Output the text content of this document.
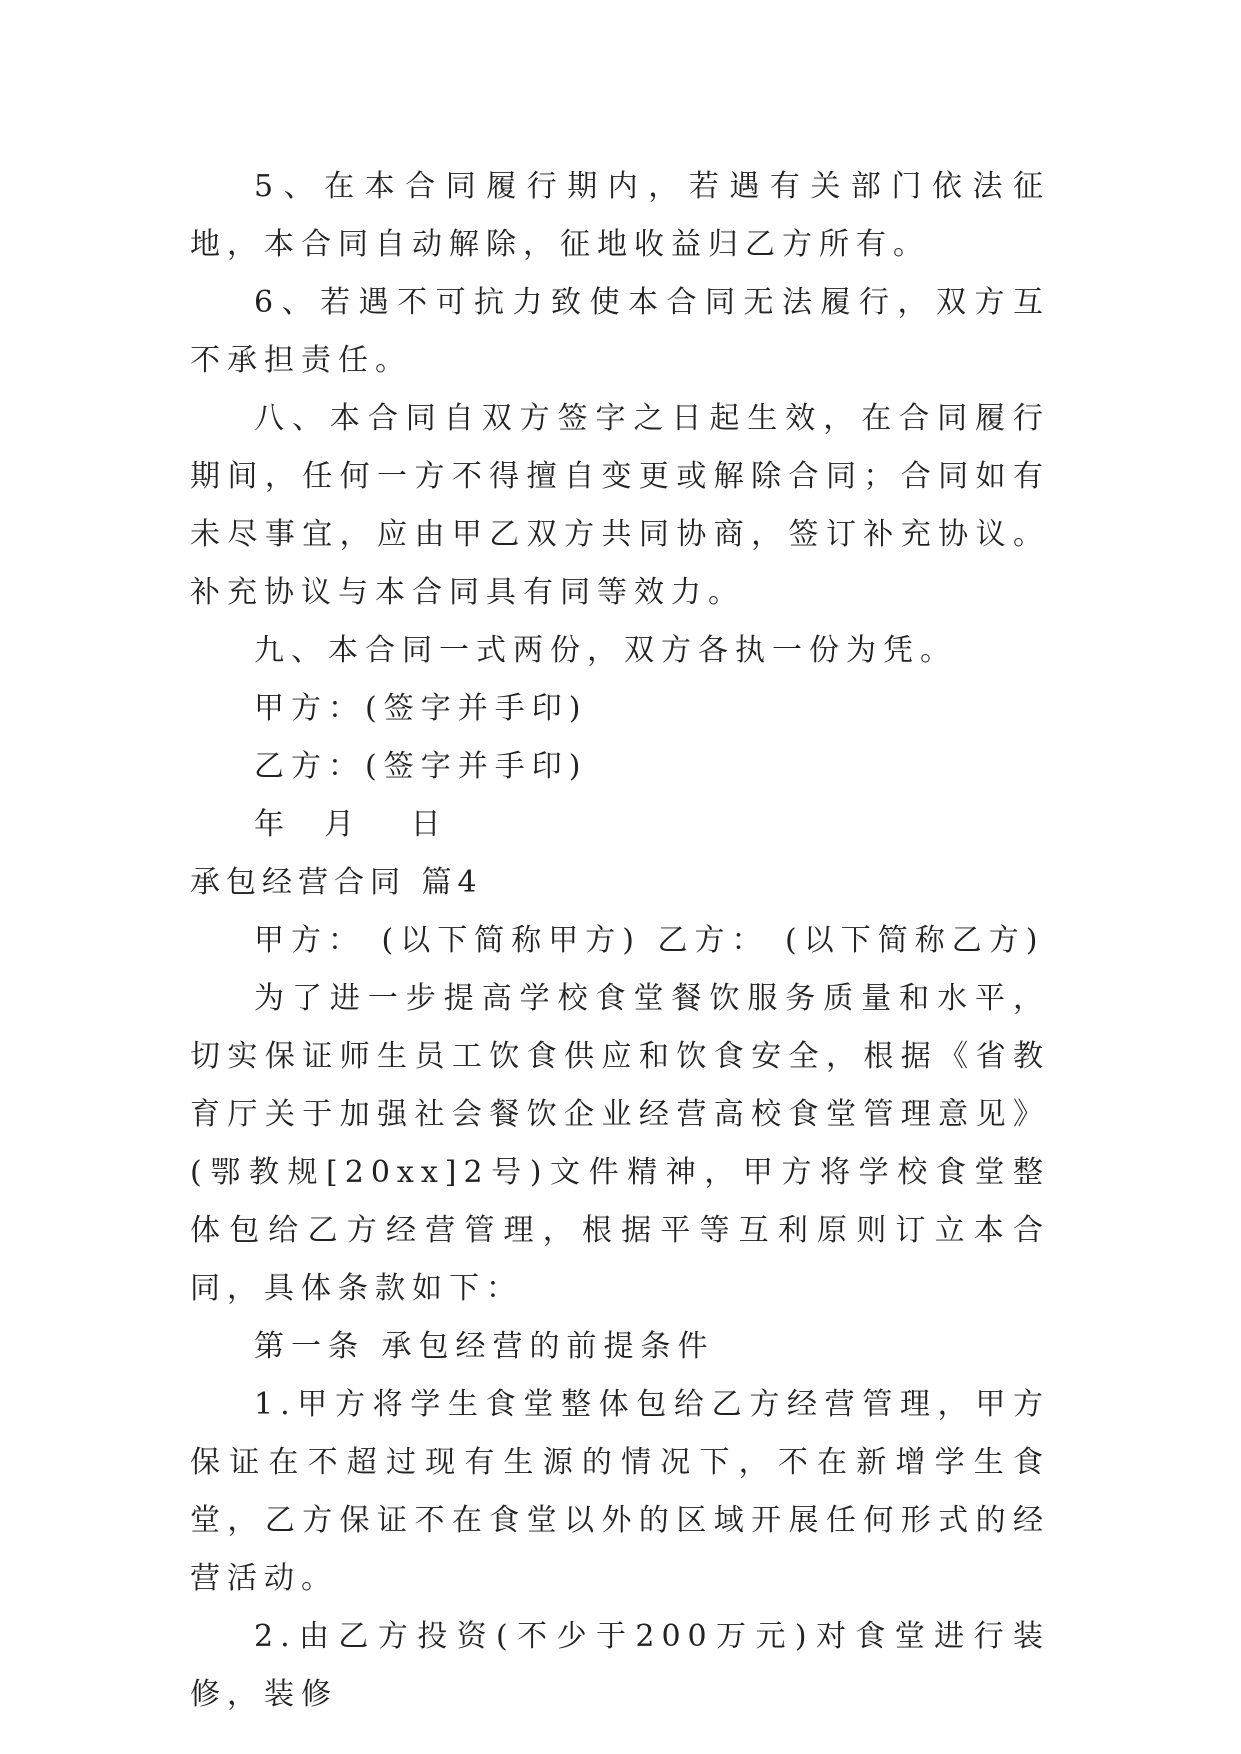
5、在本合同履行期内，若遇有关部门依法征地，本合同自动解除，征地收益归乙方所有。

6、若遇不可抗力致使本合同无法履行，双方互不承担责任。

八、本合同自双方签字之日起生效，在合同履行期间，任何一方不得擅自变更或解除合同；合同如有未尽事宜，应由甲乙双方共同协商，签订补充协议。补充协议与本合同具有同等效力。

九、本合同一式两份，双方各执一份为凭。

甲方：(签字并手印)

乙方：(签字并手印)

年  月   日

承包经营合同 篇4

甲方： (以下简称甲方) 乙方： (以下简称乙方)

为了进一步提高学校食堂餐饮服务质量和水平，切实保证师生员工饮食供应和饮食安全，根据《省教育厅关于加强社会餐饮企业经营高校食堂管理意见》(鄂教规[20xx]2号)文件精神，甲方将学校食堂整体包给乙方经营管理，根据平等互利原则订立本合同，具体条款如下：

第一条 承包经营的前提条件

1.甲方将学生食堂整体包给乙方经营管理，甲方保证在不超过现有生源的情况下，不在新增学生食堂，乙方保证不在食堂以外的区域开展任何形式的经营活动。

2.由乙方投资(不少于200万元)对食堂进行装修，装修
